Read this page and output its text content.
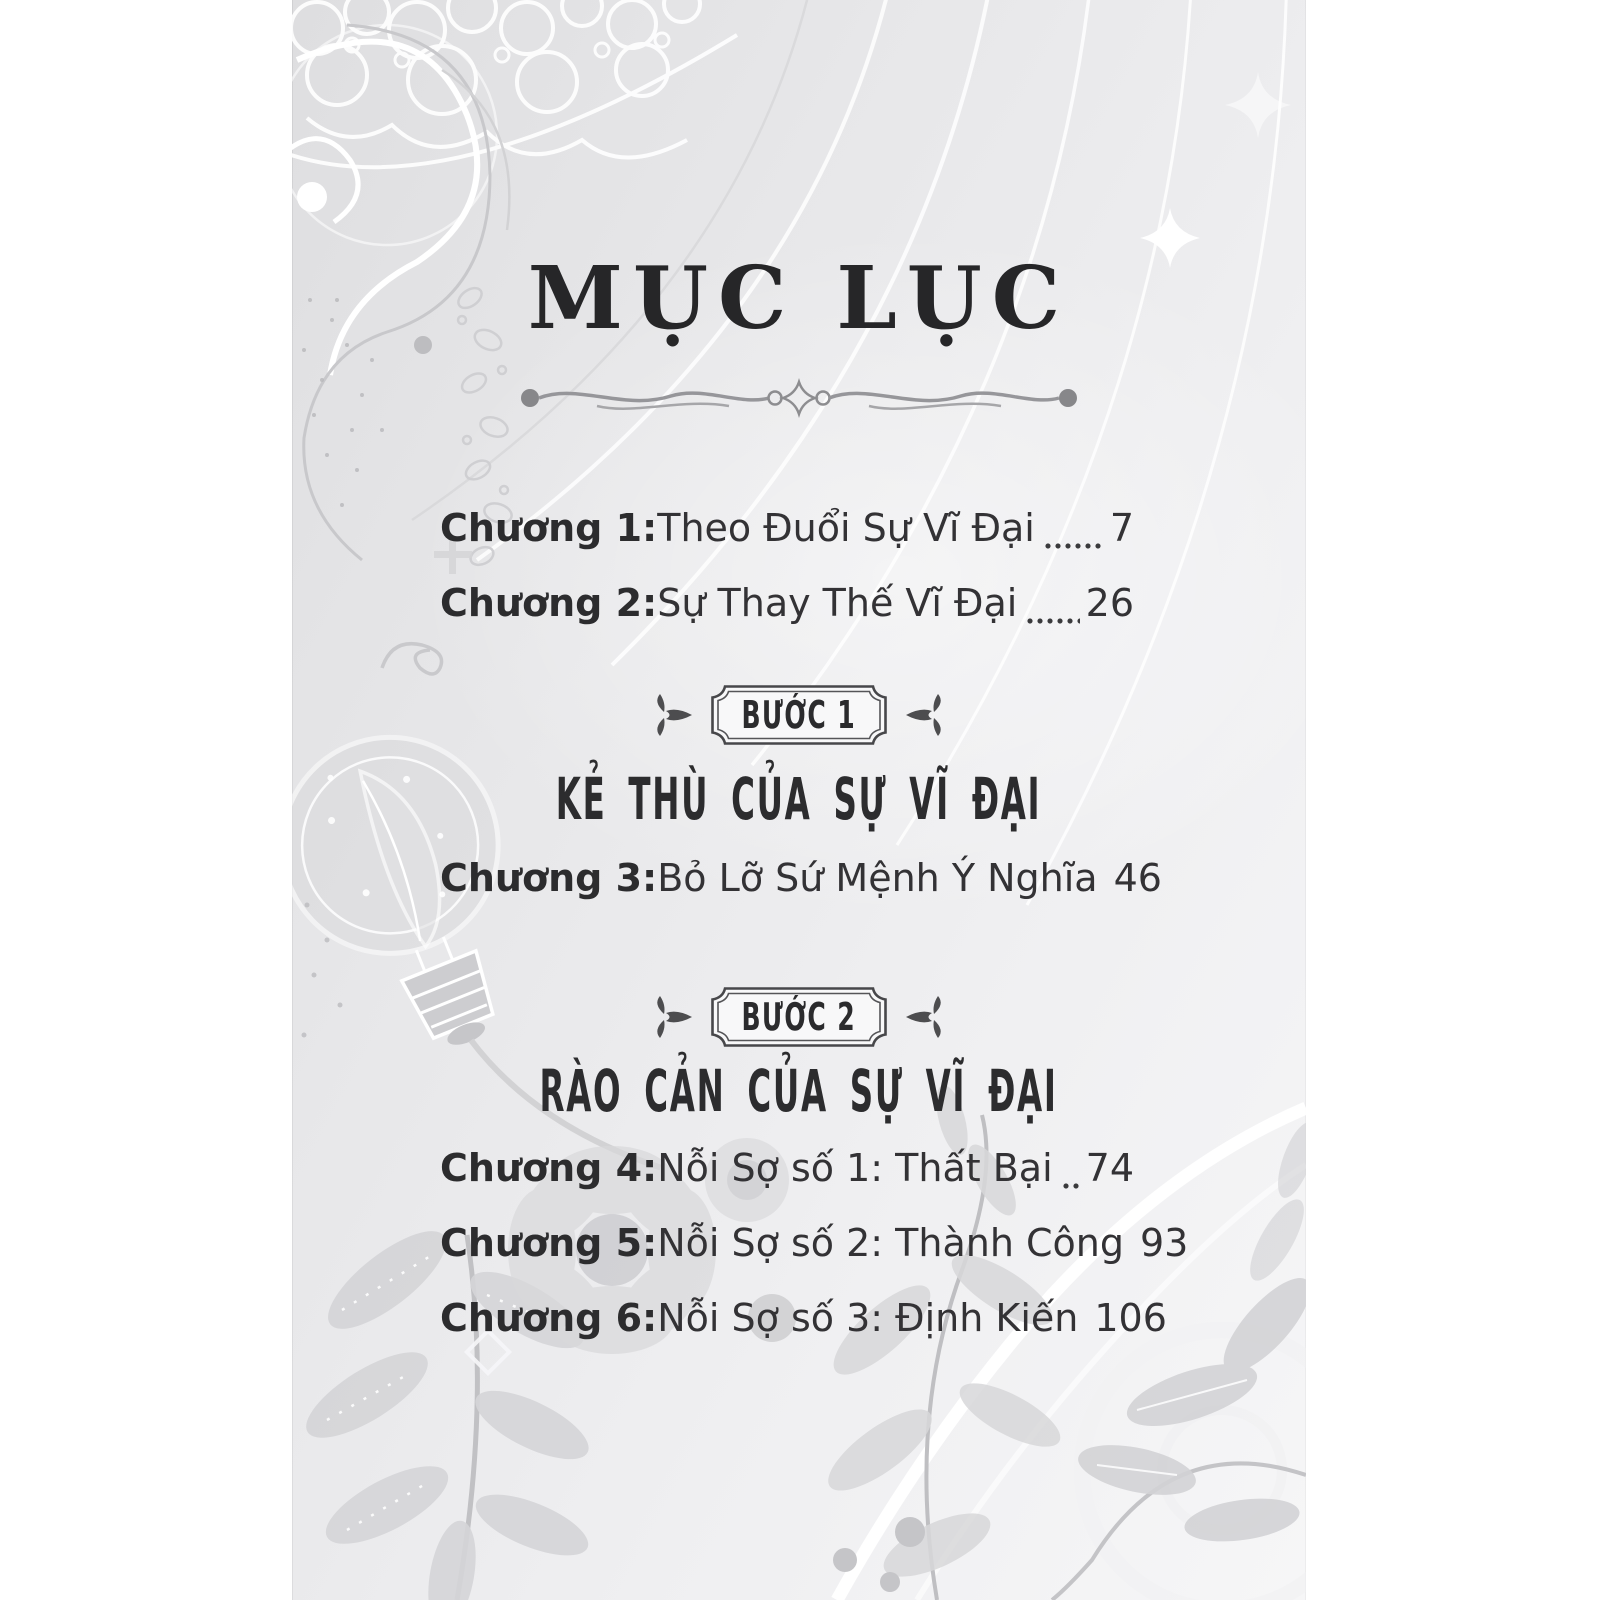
MỤC LỤC
Chương 1: Theo Đuổi Sự Vĩ Đại 7
Chương 2: Sự Thay Thế Vĩ Đại 26
BƯỚC 1
KẺ THÙ CỦA SỰ VĨ ĐẠI
Chương 3: Bỏ Lỡ Sứ Mệnh Ý Nghĩa 46
BƯỚC 2
RÀO CẢN CỦA SỰ VĨ ĐẠI
Chương 4: Nỗi Sợ số 1: Thất Bại 74
Chương 5: Nỗi Sợ số 2: Thành Công 93
Chương 6: Nỗi Sợ số 3: Định Kiến 106
